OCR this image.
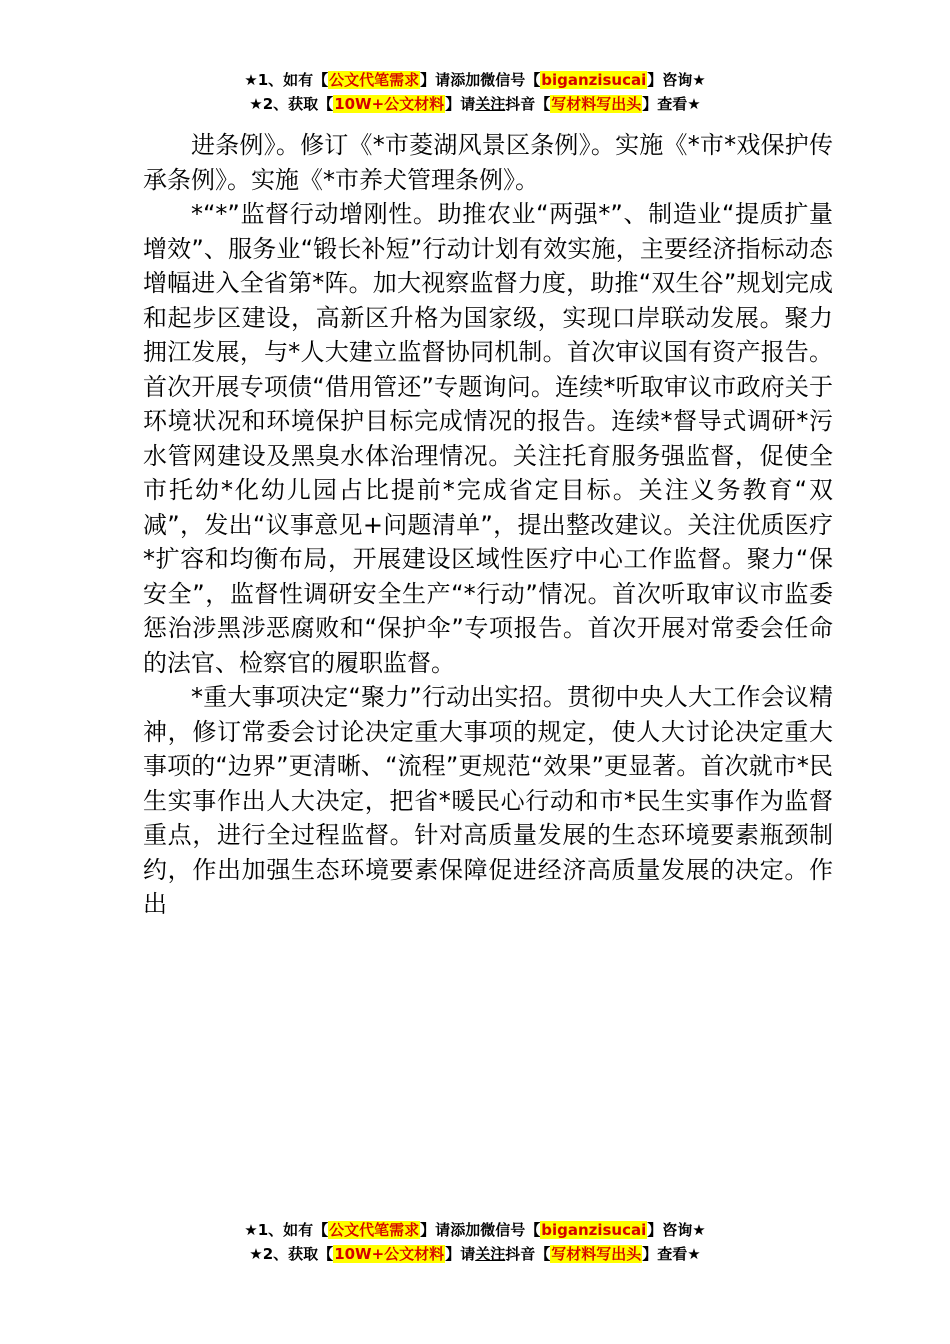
★1、如有【公文代笔需求】请添加微信号【biganzisucai】咨询★
★2、获取【10W+公文材料】请关注抖音【写材料写出头】查看★

进条例》。修订《*市菱湖风景区条例》。实施《*市*戏保护传承条例》。实施《*市养犬管理条例》。

*“*”监督行动增刚性。助推农业“两强*”、制造业“提质扩量增效”、服务业“锻长补短”行动计划有效实施，主要经济指标动态增幅进入全省第*阵。加大视察监督力度，助推“双生谷”规划完成和起步区建设，高新区升格为国家级，实现口岸联动发展。聚力拥江发展，与*人大建立监督协同机制。首次审议国有资产报告。首次开展专项债“借用管还”专题询问。连续*听取审议市政府关于环境状况和环境保护目标完成情况的报告。连续*督导式调研*污水管网建设及黑臭水体治理情况。关注托育服务强监督，促使全市托幼*化幼儿园占比提前*完成省定目标。关注义务教育“双减”，发出“议事意见+问题清单”，提出整改建议。关注优质医疗*扩容和均衡布局，开展建设区域性医疗中心工作监督。聚力“保安全”，监督性调研安全生产“*行动”情况。首次听取审议市监委惩治涉黑涉恶腐败和“保护伞”专项报告。首次开展对常委会任命的法官、检察官的履职监督。

*重大事项决定“聚力”行动出实招。贯彻中央人大工作会议精神，修订常委会讨论决定重大事项的规定，使人大讨论决定重大事项的“边界”更清晰、“流程”更规范“效果”更显著。首次就市*民生实事作出人大决定，把省*暖民心行动和市*民生实事作为监督重点，进行全过程监督。针对高质量发展的生态环境要素瓶颈制约，作出加强生态环境要素保障促进经济高质量发展的决定。作出

★1、如有【公文代笔需求】请添加微信号【biganzisucai】咨询★
★2、获取【10W+公文材料】请关注抖音【写材料写出头】查看★
